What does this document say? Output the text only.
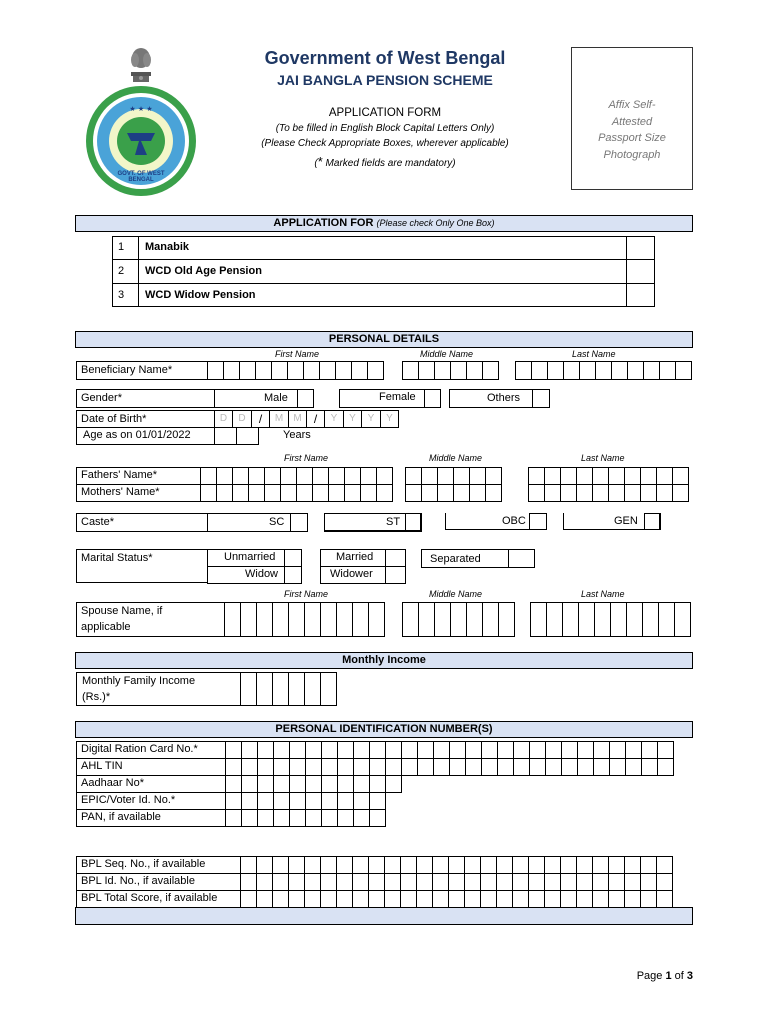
★ ★ ★
GOVT. OF WEST BENGAL
Government of West Bengal
JAI BANGLA PENSION SCHEME
APPLICATION FORM
(To be filled in English Block Capital Letters Only)
(Please Check Appropriate Boxes, wherever applicable)
(* Marked fields are mandatory)
Affix Self-
Attested
Passport Size
Photograph
APPLICATION FOR (Please check Only One Box)
1 Manabik
2 WCD Old Age Pension
3 WCD Widow Pension
PERSONAL DETAILS
First Name	Middle Name	Last Name
Beneficiary Name*
Gender*	Male	Female	Others
Date of Birth*	D	D	/	M	M	/	Y	Y	Y	Y
Age as on 01/01/2022	Years
First Name	Middle Name	Last Name
Fathers' Name*
Mothers' Name*
Caste*	SC	ST	OBC	GEN
Marital Status*	Unmarried
Widow
Married
Widower
Separated
First Name	Middle Name	Last Name
Spouse Name, if
applicable
Monthly Income
Monthly Family Income
(Rs.)*
PERSONAL IDENTIFICATION NUMBER(S)
Digital Ration Card No.*
AHL TIN
Aadhaar No*
EPIC/Voter Id. No.*
PAN, if available
BPL Seq. No., if available
BPL Id. No., if available
BPL Total Score, if available
Page 1 of 3
